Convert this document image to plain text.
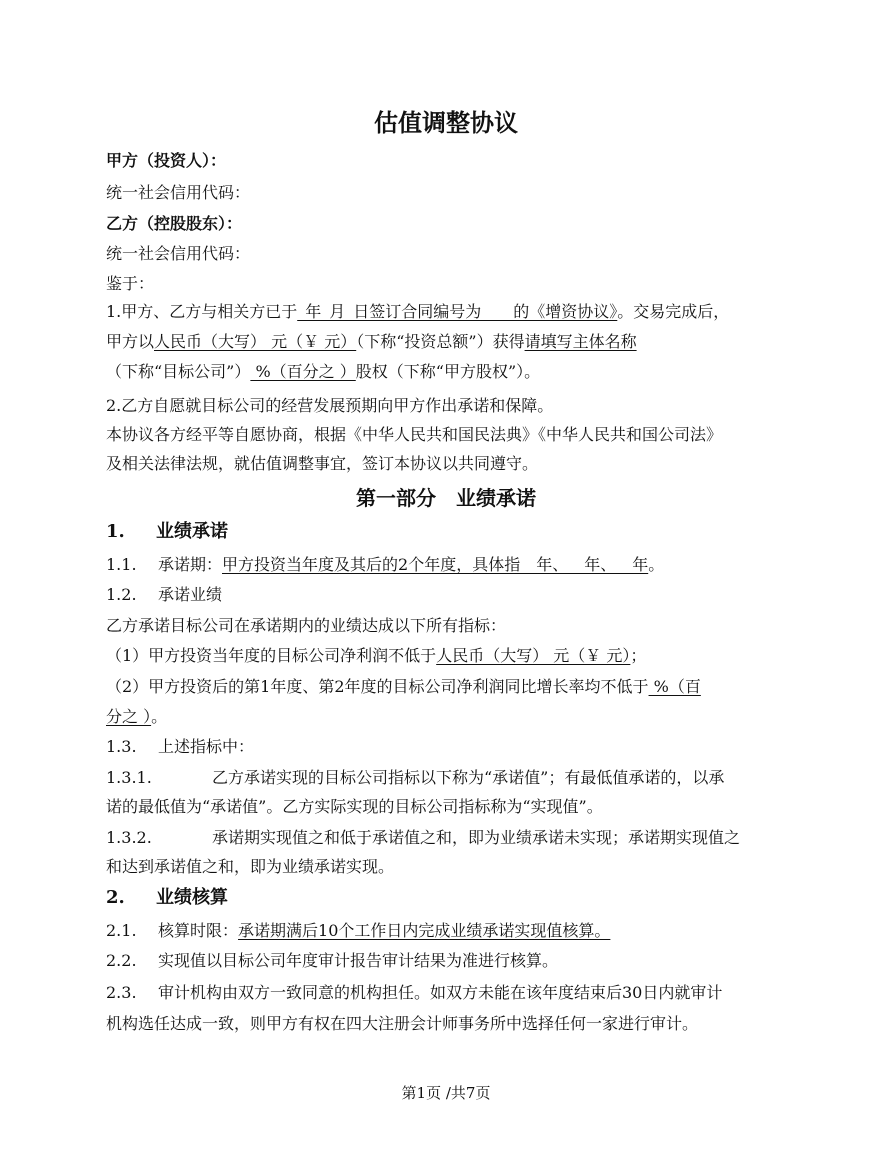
估值调整协议
甲方（投资人）：
统一社会信用代码：
乙方（控股股东）：
统一社会信用代码：
鉴于：
1.甲方、乙方与相关方已于_年_月_日签订合同编号为____的《增资协议》。交易完成后，
甲方以人民币（大写） 元（￥ 元）（下称“投资总额”）获得请填写主体名称
（下称“目标公司”） %（百分之 ）股权（下称“甲方股权”）。
2.乙方自愿就目标公司的经营发展预期向甲方作出承诺和保障。
本协议各方经平等自愿协商，根据《中华人民共和国民法典》《中华人民共和国公司法》
及相关法律法规，就估值调整事宜，签订本协议以共同遵守。
第一部分　业绩承诺
1. 业绩承诺
1.1. 承诺期：甲方投资当年度及其后的2个年度，具体指__年、__年、__年。
1.2. 承诺业绩
乙方承诺目标公司在承诺期内的业绩达成以下所有指标：
（1）甲方投资当年度的目标公司净利润不低于人民币（大写） 元（￥ 元）；
（2）甲方投资后的第1年度、第2年度的目标公司净利润同比增长率均不低于 %（百
分之 ）。
1.3. 上述指标中：
1.3.1.	乙方承诺实现的目标公司指标以下称为“承诺值”；有最低值承诺的，以承
诺的最低值为“承诺值”。乙方实际实现的目标公司指标称为“实现值”。
1.3.2.	承诺期实现值之和低于承诺值之和，即为业绩承诺未实现；承诺期实现值之
和达到承诺值之和，即为业绩承诺实现。
2. 业绩核算
2.1. 核算时限：承诺期满后10个工作日内完成业绩承诺实现值核算。
2.2. 实现值以目标公司年度审计报告审计结果为准进行核算。
2.3. 审计机构由双方一致同意的机构担任。如双方未能在该年度结束后30日内就审计
机构选任达成一致，则甲方有权在四大注册会计师事务所中选择任何一家进行审计。
第1页 /共7页
